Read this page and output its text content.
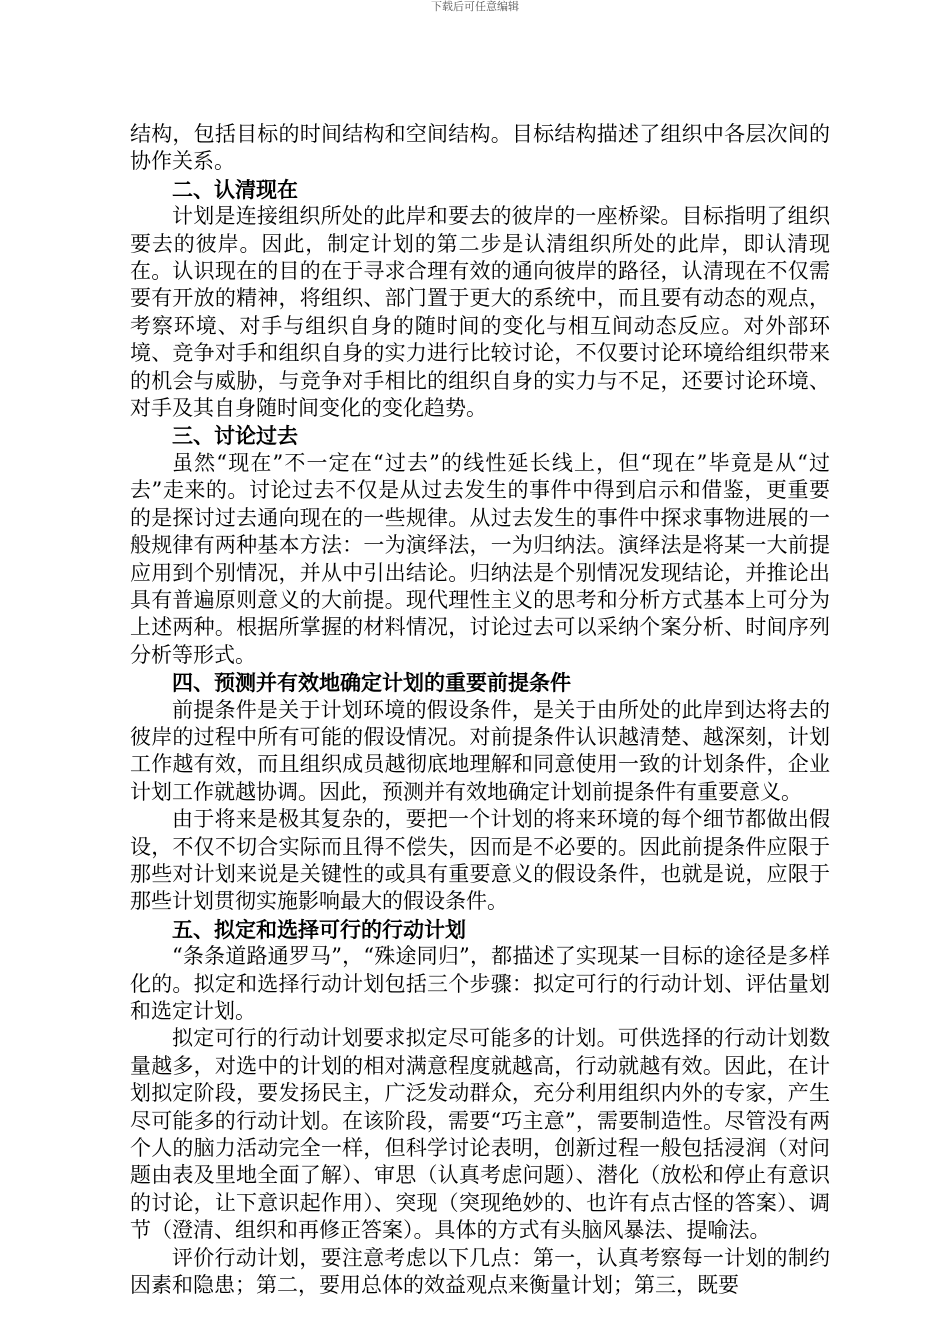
下载后可任意编辑

结构，包括目标的时间结构和空间结构。目标结构描述了组织中各层次间的协作关系。

二、认清现在

计划是连接组织所处的此岸和要去的彼岸的一座桥梁。目标指明了组织要去的彼岸。因此，制定计划的第二步是认清组织所处的此岸，即认清现在。认识现在的目的在于寻求合理有效的通向彼岸的路径，认清现在不仅需要有开放的精神，将组织、部门置于更大的系统中，而且要有动态的观点，考察环境、对手与组织自身的随时间的变化与相互间动态反应。对外部环境、竞争对手和组织自身的实力进行比较讨论，不仅要讨论环境给组织带来的机会与威胁，与竞争对手相比的组织自身的实力与不足，还要讨论环境、对手及其自身随时间变化的变化趋势。

三、讨论过去

虽然“现在”不一定在“过去”的线性延长线上，但“现在”毕竟是从“过去”走来的。讨论过去不仅是从过去发生的事件中得到启示和借鉴，更重要的是探讨过去通向现在的一些规律。从过去发生的事件中探求事物进展的一般规律有两种基本方法：一为演绎法，一为归纳法。演绎法是将某一大前提应用到个别情况，并从中引出结论。归纳法是个别情况发现结论，并推论出具有普遍原则意义的大前提。现代理性主义的思考和分析方式基本上可分为上述两种。根据所掌握的材料情况，讨论过去可以采纳个案分析、时间序列分析等形式。

四、预测并有效地确定计划的重要前提条件

前提条件是关于计划环境的假设条件，是关于由所处的此岸到达将去的彼岸的过程中所有可能的假设情况。对前提条件认识越清楚、越深刻，计划工作越有效，而且组织成员越彻底地理解和同意使用一致的计划条件，企业计划工作就越协调。因此，预测并有效地确定计划前提条件有重要意义。

由于将来是极其复杂的，要把一个计划的将来环境的每个细节都做出假设，不仅不切合实际而且得不偿失，因而是不必要的。因此前提条件应限于那些对计划来说是关键性的或具有重要意义的假设条件，也就是说，应限于那些计划贯彻实施影响最大的假设条件。

五、拟定和选择可行的行动计划

“条条道路通罗马”，“殊途同归”，都描述了实现某一目标的途径是多样化的。拟定和选择行动计划包括三个步骤：拟定可行的行动计划、评估量划和选定计划。

拟定可行的行动计划要求拟定尽可能多的计划。可供选择的行动计划数量越多，对选中的计划的相对满意程度就越高，行动就越有效。因此，在计划拟定阶段，要发扬民主，广泛发动群众，充分利用组织内外的专家，产生尽可能多的行动计划。在该阶段，需要“巧主意”，需要制造性。尽管没有两个人的脑力活动完全一样，但科学讨论表明，创新过程一般包括浸润（对问题由表及里地全面了解）、审思（认真考虑问题）、潜化（放松和停止有意识的讨论，让下意识起作用）、突现（突现绝妙的、也许有点古怪的答案）、调节（澄清、组织和再修正答案）。具体的方式有头脑风暴法、提喻法。

评价行动计划，要注意考虑以下几点：第一，认真考察每一计划的制约因素和隐患；第二，要用总体的效益观点来衡量计划；第三，既要
